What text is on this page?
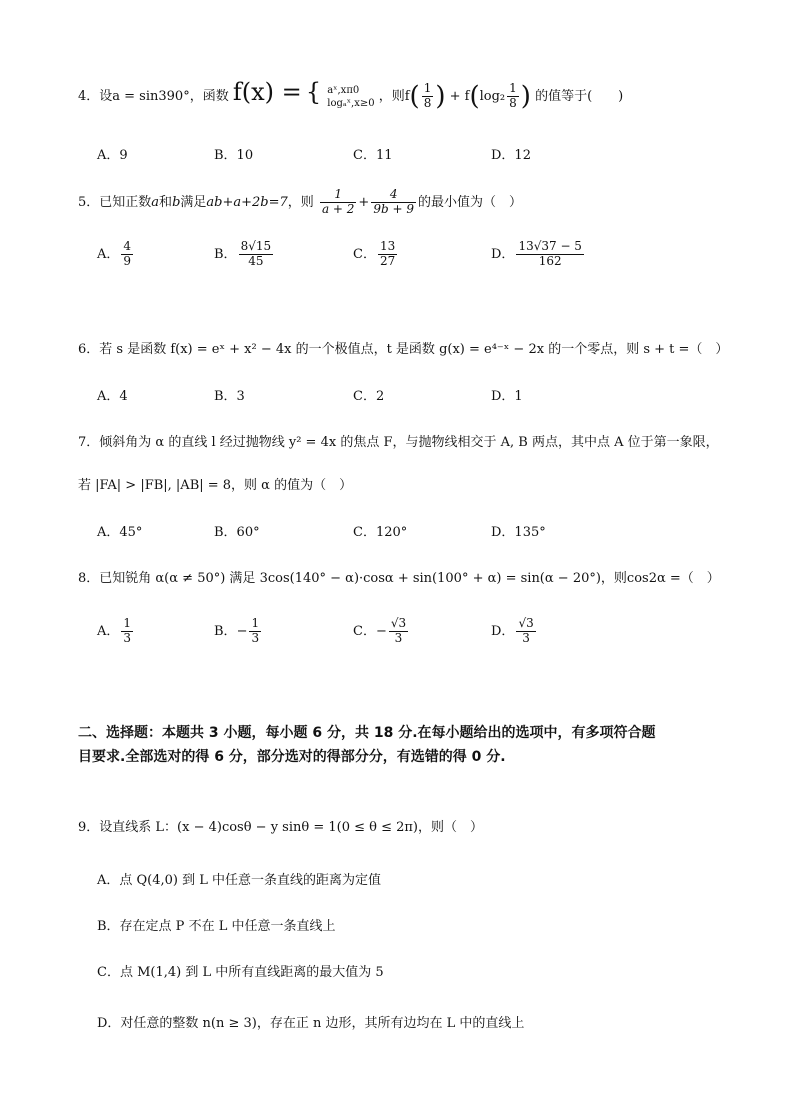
4．设a = sin390°，函数 f(x) = { aˣ,xπ0
logₐˣ,x≥0 ，则$f( \frac{1}{8}$ ) + $f(\log_2 \frac{1}{8}$ ) 的值等于(　　)
A．9	B．10	C．11	D．12
5．已知正数a和b满足ab+a+2b=7，则 $\frac{1}{a + 2} + \frac{4}{9b + 9}$ 的最小值为（　）
A． $\frac{4}{9}$	B． $\frac{8√15}{45}$	C． $\frac{13}{27}$	D． $\frac{13√37 - 5}{162}$
6．若 s 是函数 f(x) = eˣ + x² − 4x 的一个极值点，t 是函数 g(x) = e⁴⁻ˣ − 2x 的一个零点，则 s + t =（　）
A．4	B．3	C．2	D．1
7．倾斜角为 α 的直线 l 经过抛物线 y² = 4x 的焦点 F，与抛物线相交于 A, B 两点，其中点 A 位于第一象限，
若 |FA| > |FB|, |AB| = 8，则 α 的值为（　）
A．45°	B．60°	C．120°	D．135°
8．已知锐角 α(α ≠ 50°) 满足 3cos(140° − α)·cosα + sin(100° + α) = sin(α − 20°)，则cos2α =（　）
A． $\frac{1}{3}$	B．− $\frac{1}{3}$	C．− $\frac{√3}{3}$	D． $\frac{√3}{3}$
二、选择题：本题共 3 小题，每小题 6 分，共 18 分.在每小题给出的选项中，有多项符合题
目要求.全部选对的得 6 分，部分选对的得部分分，有选错的得 0 分.
9．设直线系 L：(x − 4)cosθ − y sinθ = 1(0 ≤ θ ≤ 2π)，则（　）
A．点 Q(4,0) 到 L 中任意一条直线的距离为定值
B．存在定点 P 不在 L 中任意一条直线上
C．点 M(1,4) 到 L 中所有直线距离的最大值为 5
D．对任意的整数 n(n ≥ 3)，存在正 n 边形，其所有边均在 L 中的直线上
